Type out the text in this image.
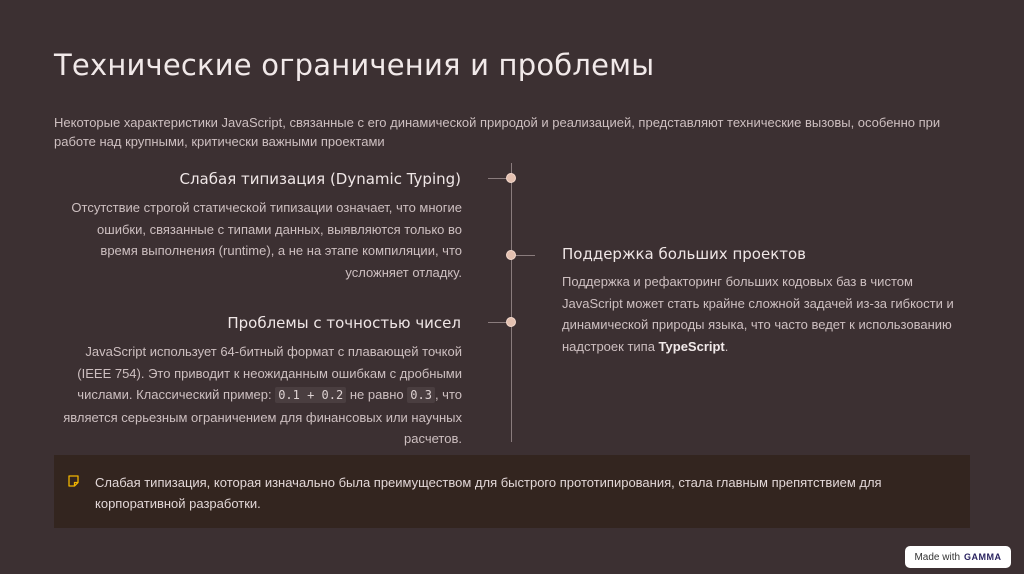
Технические ограничения и проблемы
Некоторые характеристики JavaScript, связанные с его динамической природой и реализацией, представляют технические вызовы, особенно при работе над крупными, критически важными проектами
Слабая типизация (Dynamic Typing)
Отсутствие строгой статической типизации означает, что многие ошибки, связанные с типами данных, выявляются только во время выполнения (runtime), а не на этапе компиляции, что усложняет отладку.
Поддержка больших проектов
Поддержка и рефакторинг больших кодовых баз в чистом JavaScript может стать крайне сложной задачей из-за гибкости и динамической природы языка, что часто ведет к использованию надстроек типа TypeScript.
Проблемы с точностью чисел
JavaScript использует 64-битный формат с плавающей точкой (IEEE 754). Это приводит к неожиданным ошибкам с дробными числами. Классический пример: 0.1 + 0.2 не равно 0.3 , что является серьезным ограничением для финансовых или научных расчетов.
Слабая типизация, которая изначально была преимуществом для быстрого прототипирования, стала главным препятствием для корпоративной разработки.
Made with GAMMA
